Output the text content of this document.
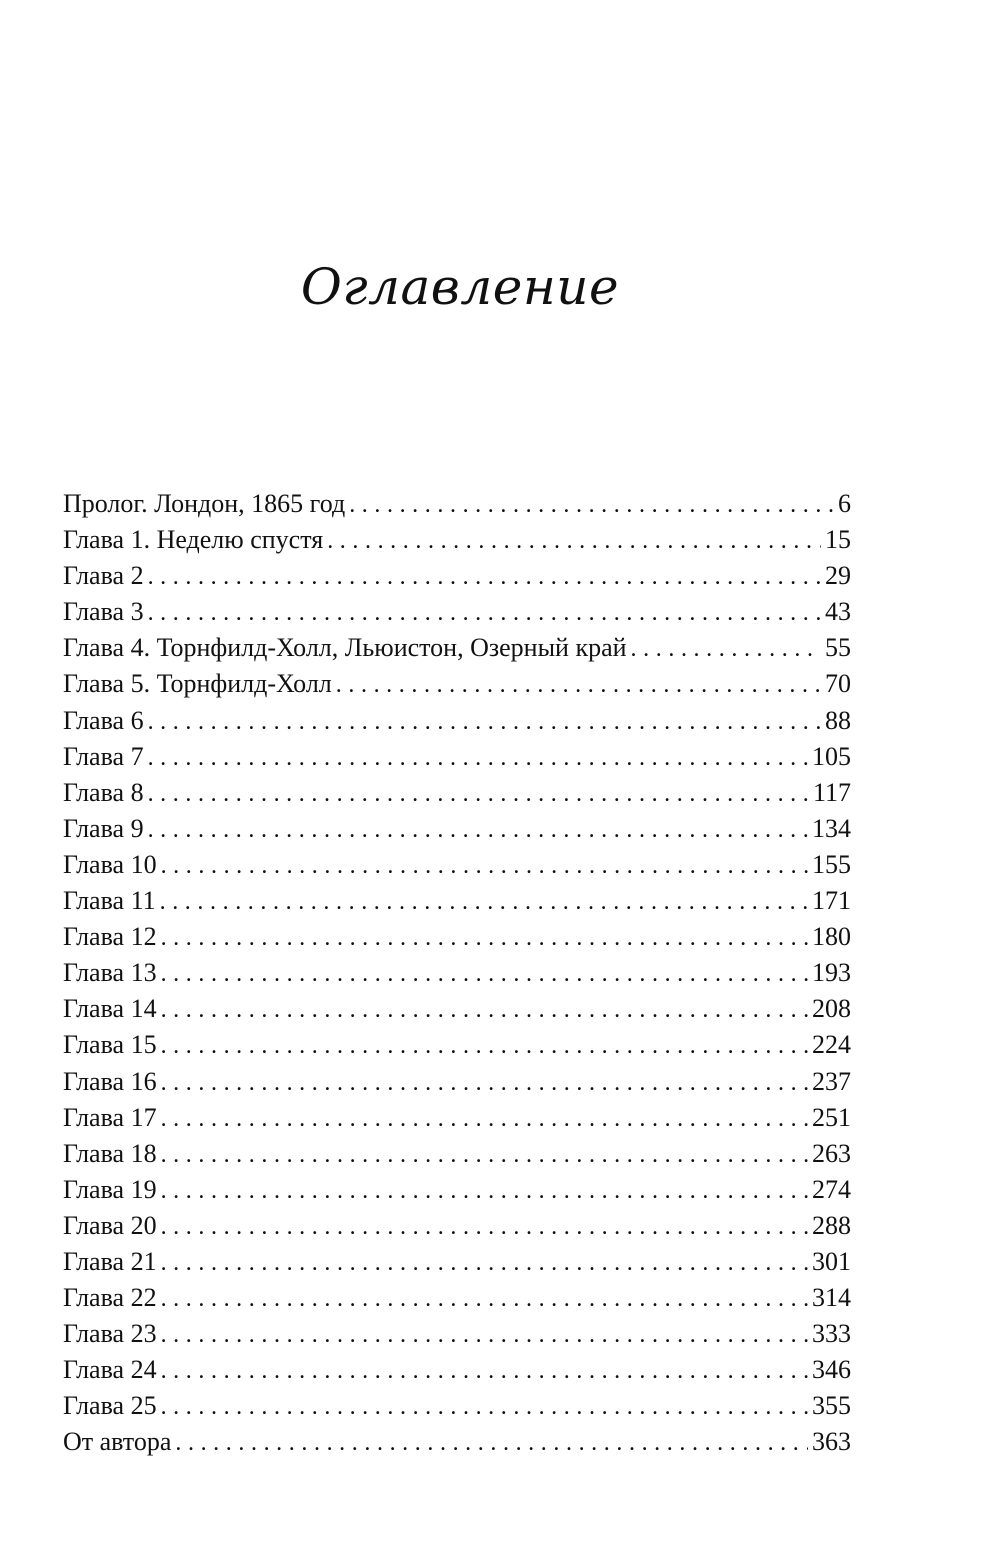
Оглавление
Пролог. Лондон, 1865 год . . .	6
Глава 1. Неделю спустя . . .	15
Глава 2 . . .	29
Глава 3 . . .	43
Глава 4. Торнфилд-Холл, Льюистон, Озерный край . . .	55
Глава 5. Торнфилд-Холл . . .	70
Глава 6 . . .	88
Глава 7 . . .	105
Глава 8 . . .	117
Глава 9 . . .	134
Глава 10 . . .	155
Глава 11 . . .	171
Глава 12 . . .	180
Глава 13 . . .	193
Глава 14 . . .	208
Глава 15 . . .	224
Глава 16 . . .	237
Глава 17 . . .	251
Глава 18 . . .	263
Глава 19 . . .	274
Глава 20 . . .	288
Глава 21 . . .	301
Глава 22 . . .	314
Глава 23 . . .	333
Глава 24 . . .	346
Глава 25 . . .	355
От автора . . .	363
